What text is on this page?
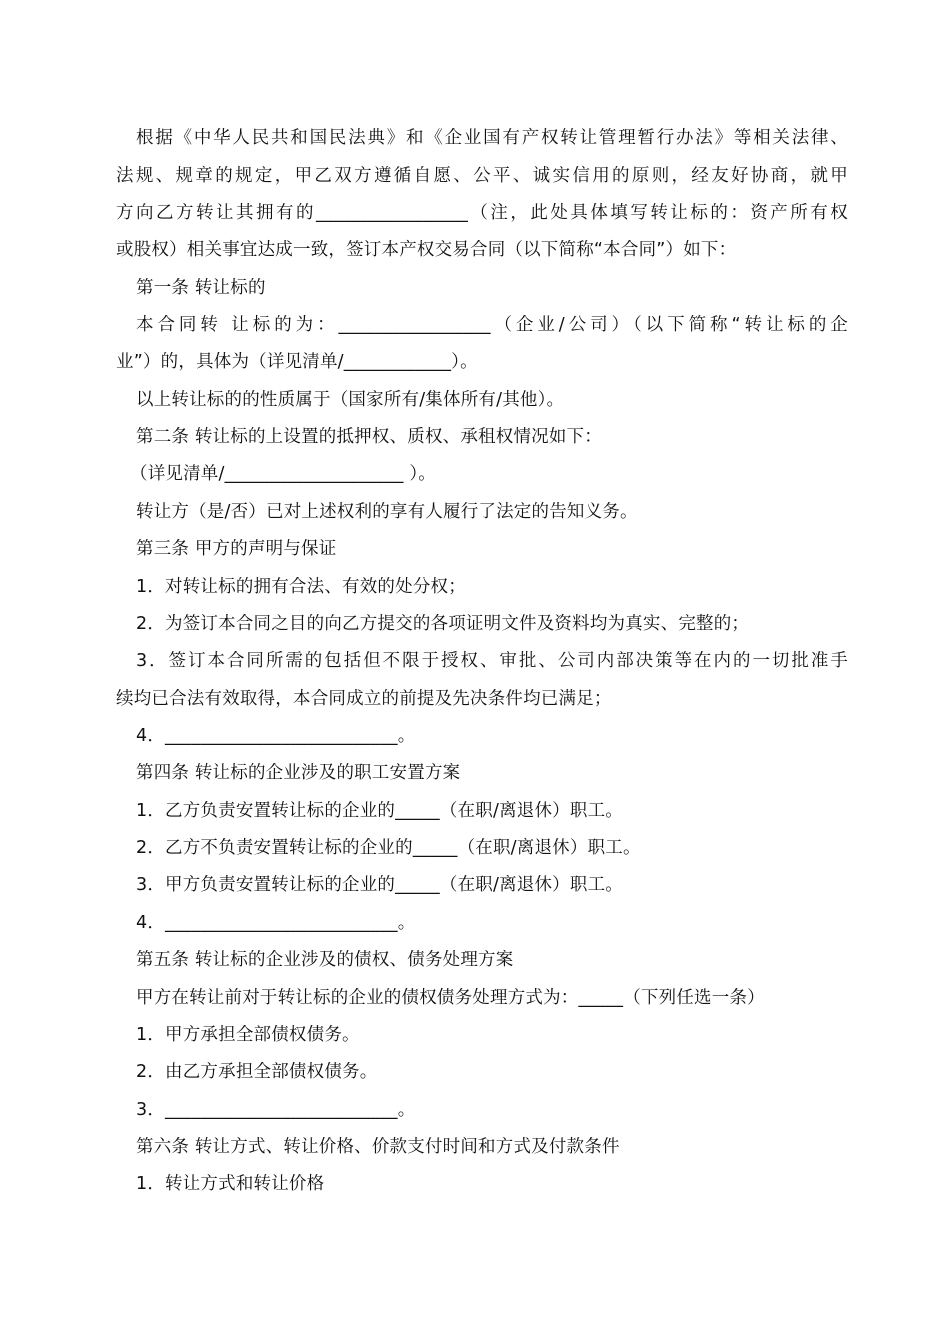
根据《中华人民共和国民法典》和《企业国有产权转让管理暂行办法》等相关法律、
法规、规章的规定，甲乙双方遵循自愿、公平、诚实信用的原则，经友好协商，就甲
方向乙方转让其拥有的_________________（注，此处具体填写转让标的：资产所有权
或股权）相关事宜达成一致，签订本产权交易合同（以下简称“本合同”）如下：
第一条 转让标的
本合同转 让标的为：_________________（企业/公司）（以下简称“转让标的企
业”）的，具体为（详见清单/____________）。
以上转让标的的性质属于（国家所有/集体所有/其他）。
第二条 转让标的上设置的抵押权、质权、承租权情况如下：
（详见清单/____________________ ）。
转让方（是/否）已对上述权利的享有人履行了法定的告知义务。
第三条 甲方的声明与保证
1．对转让标的拥有合法、有效的处分权；
2．为签订本合同之目的向乙方提交的各项证明文件及资料均为真实、完整的；
3．签订本合同所需的包括但不限于授权、审批、公司内部决策等在内的一切批准手
续均已合法有效取得，本合同成立的前提及先决条件均已满足；
4．__________________________。
第四条 转让标的企业涉及的职工安置方案
1．乙方负责安置转让标的企业的_____（在职/离退休）职工。
2．乙方不负责安置转让标的企业的_____（在职/离退休）职工。
3．甲方负责安置转让标的企业的_____（在职/离退休）职工。
4．__________________________。
第五条 转让标的企业涉及的债权、债务处理方案
甲方在转让前对于转让标的企业的债权债务处理方式为：_____（下列任选一条）
1．甲方承担全部债权债务。
2．由乙方承担全部债权债务。
3．__________________________。
第六条 转让方式、转让价格、价款支付时间和方式及付款条件
1．转让方式和转让价格
